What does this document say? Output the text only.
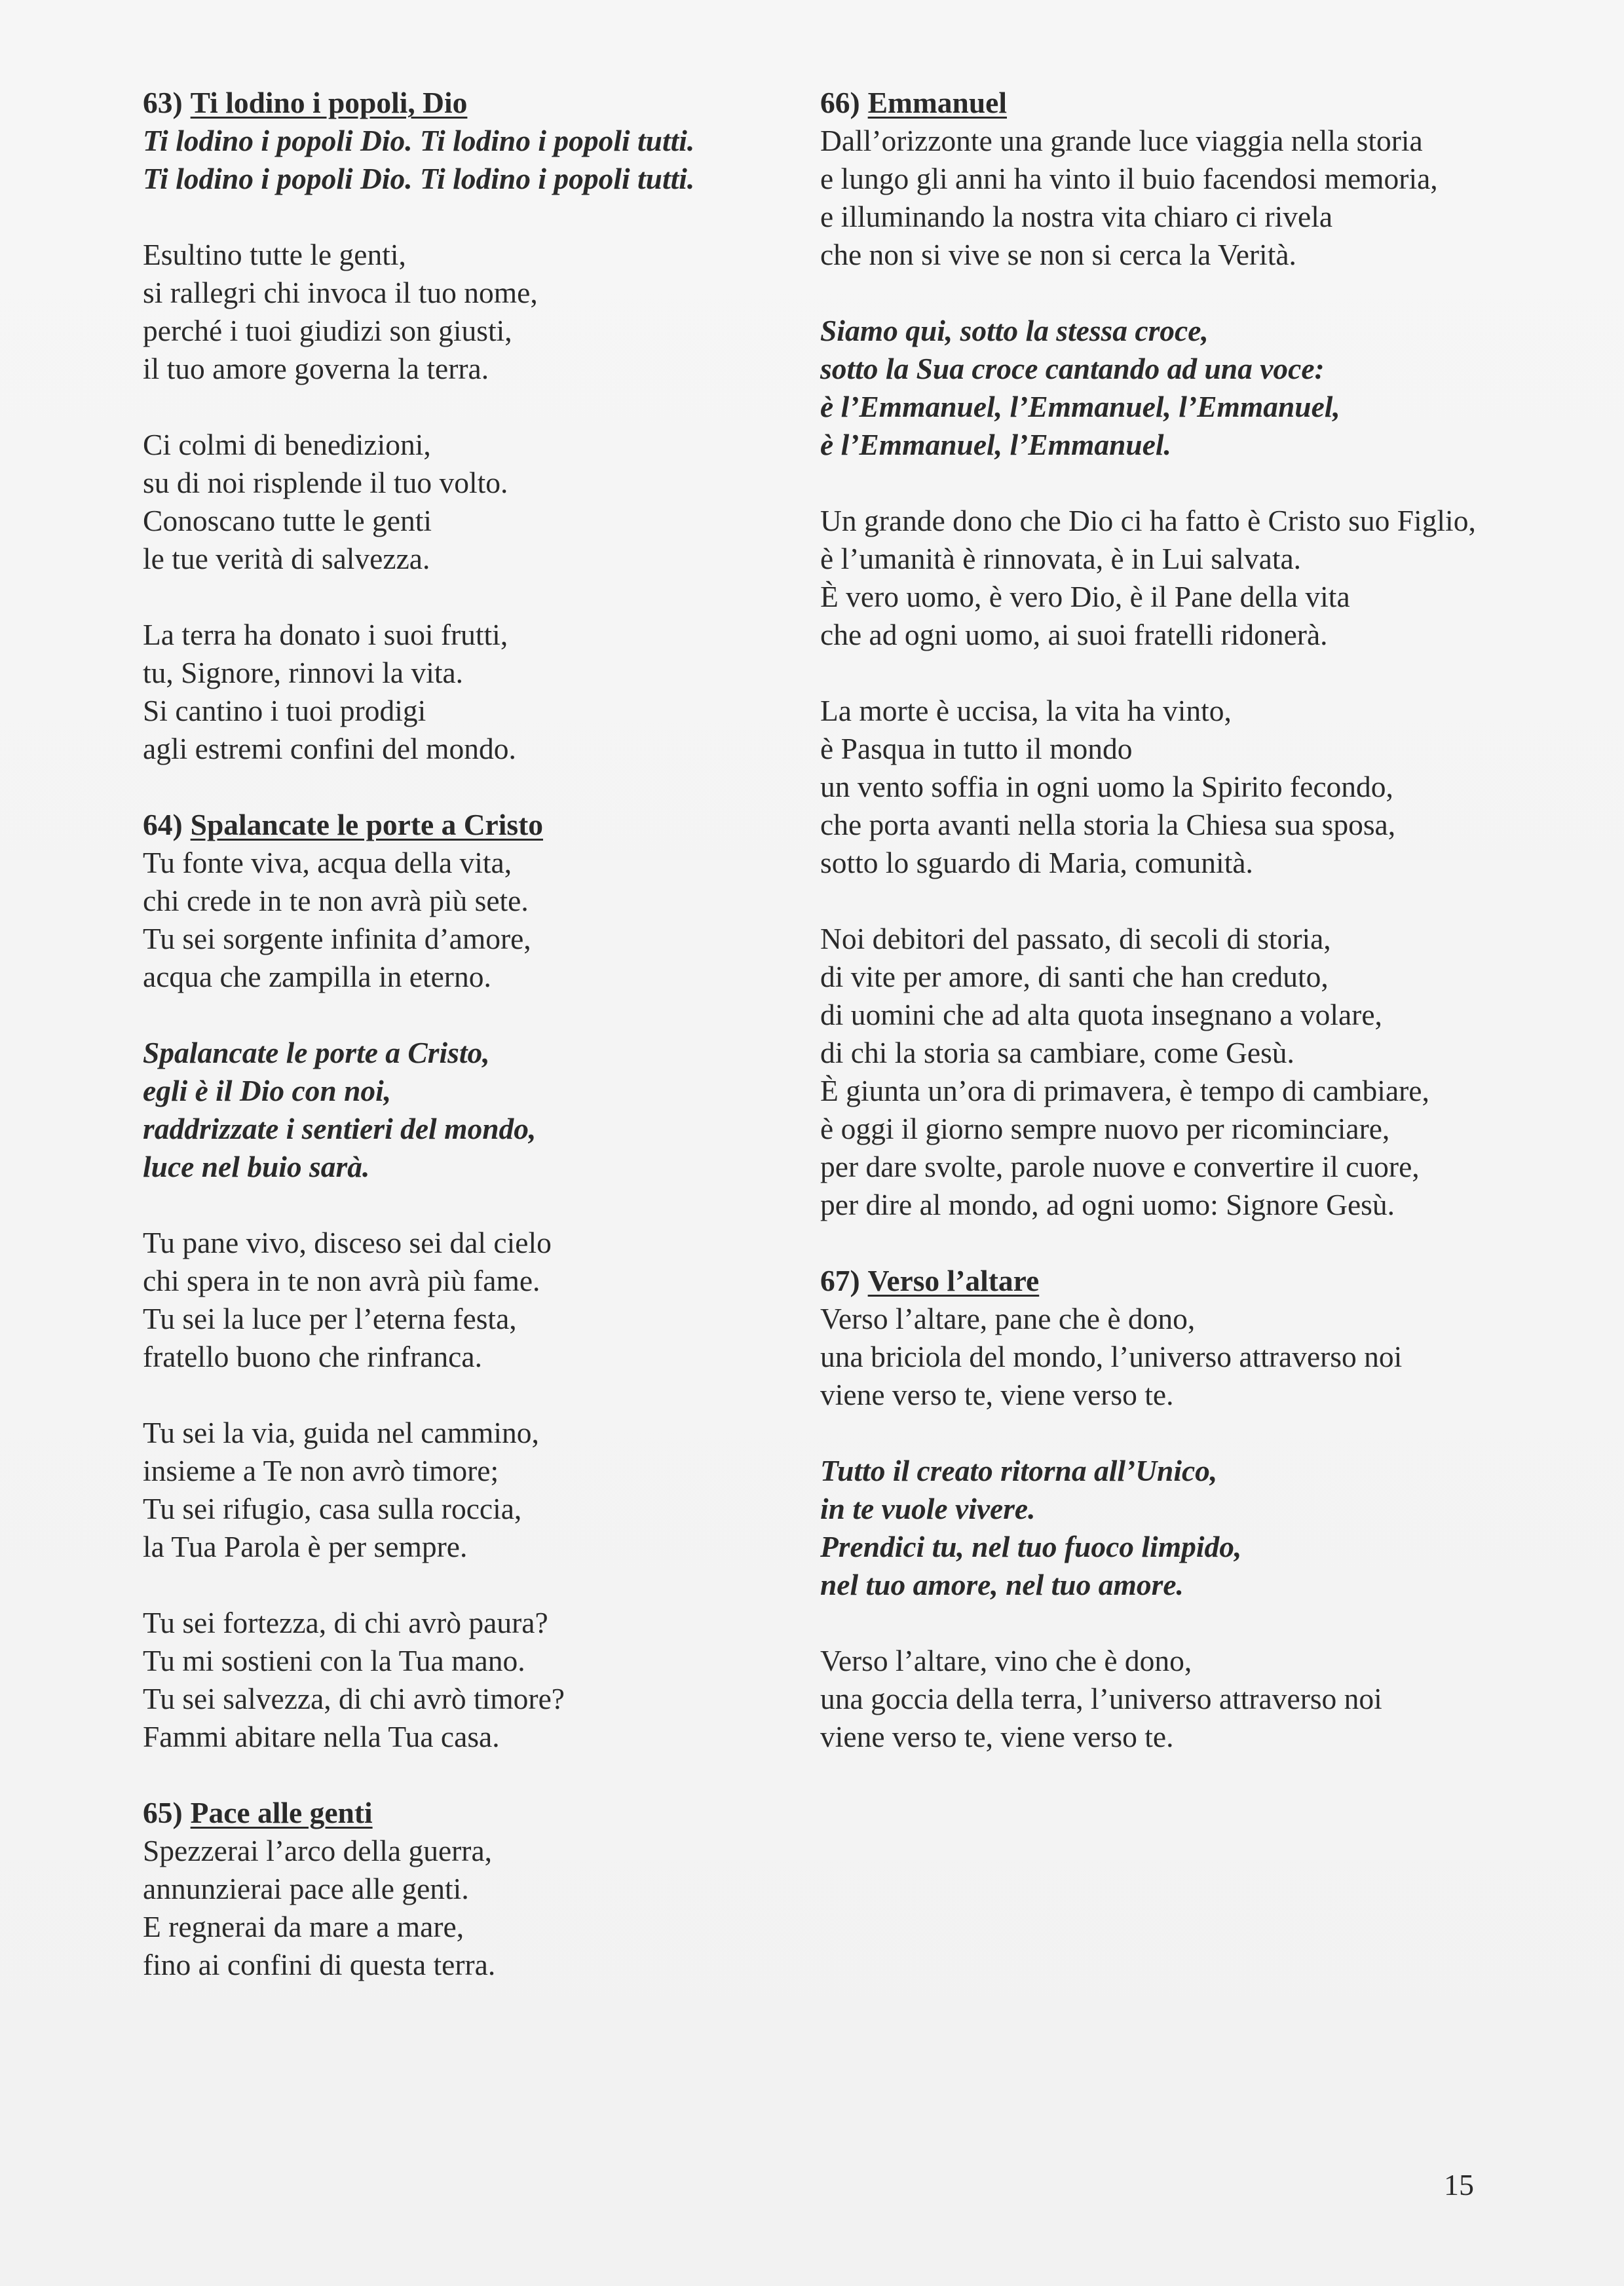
63) Ti lodino i popoli, Dio
Ti lodino i popoli Dio. Ti lodino i popoli tutti.
Ti lodino i popoli Dio. Ti lodino i popoli tutti.
Esultino tutte le genti,
si rallegri chi invoca il tuo nome,
perché i tuoi giudizi son giusti,
il tuo amore governa la terra.
Ci colmi di benedizioni,
su di noi risplende il tuo volto.
Conoscano tutte le genti
le tue verità di salvezza.
La terra ha donato i suoi frutti,
tu, Signore, rinnovi la vita.
Si cantino i tuoi prodigi
agli estremi confini del mondo.
64) Spalancate le porte a Cristo
Tu fonte viva, acqua della vita,
chi crede in te non avrà più sete.
Tu sei sorgente infinita d’amore,
acqua che zampilla in eterno.
Spalancate le porte a Cristo,
egli è il Dio con noi,
raddrizzate i sentieri del mondo,
luce nel buio sarà.
Tu pane vivo, disceso sei dal cielo
chi spera in te non avrà più fame.
Tu sei la luce per l’eterna festa,
fratello buono che rinfranca.
Tu sei la via, guida nel cammino,
insieme a Te non avrò timore;
Tu sei rifugio, casa sulla roccia,
la Tua Parola è per sempre.
Tu sei fortezza, di chi avrò paura?
Tu mi sostieni con la Tua mano.
Tu sei salvezza, di chi avrò timore?
Fammi abitare nella Tua casa.
65) Pace alle genti
Spezzerai l’arco della guerra,
annunzierai pace alle genti.
E regnerai da mare a mare,
fino ai confini di questa terra.
66) Emmanuel
Dall’orizzonte una grande luce viaggia nella storia
e lungo gli anni ha vinto il buio facendosi memoria,
e illuminando la nostra vita chiaro ci rivela
che non si vive se non si cerca la Verità.
Siamo qui, sotto la stessa croce,
sotto la Sua croce cantando ad una voce:
è l’Emmanuel, l’Emmanuel, l’Emmanuel,
è l’Emmanuel, l’Emmanuel.
Un grande dono che Dio ci ha fatto è Cristo suo Figlio,
è l’umanità è rinnovata, è in Lui salvata.
È vero uomo, è vero Dio, è il Pane della vita
che ad ogni uomo, ai suoi fratelli ridonerà.
La morte è uccisa, la vita ha vinto,
è Pasqua in tutto il mondo
un vento soffia in ogni uomo la Spirito fecondo,
che porta avanti nella storia la Chiesa sua sposa,
sotto lo sguardo di Maria, comunità.
Noi debitori del passato, di secoli di storia,
di vite per amore, di santi che han creduto,
di uomini che ad alta quota insegnano a volare,
di chi la storia sa cambiare, come Gesù.
È giunta un’ora di primavera, è tempo di cambiare,
è oggi il giorno sempre nuovo per ricominciare,
per dare svolte, parole nuove e convertire il cuore,
per dire al mondo, ad ogni uomo: Signore Gesù.
67) Verso l’altare
Verso l’altare, pane che è dono,
una briciola del mondo, l’universo attraverso noi
viene verso te, viene verso te.
Tutto il creato ritorna all’Unico,
in te vuole vivere.
Prendici tu, nel tuo fuoco limpido,
nel tuo amore, nel tuo amore.
Verso l’altare, vino che è dono,
una goccia della terra, l’universo attraverso noi
viene verso te, viene verso te.
15
